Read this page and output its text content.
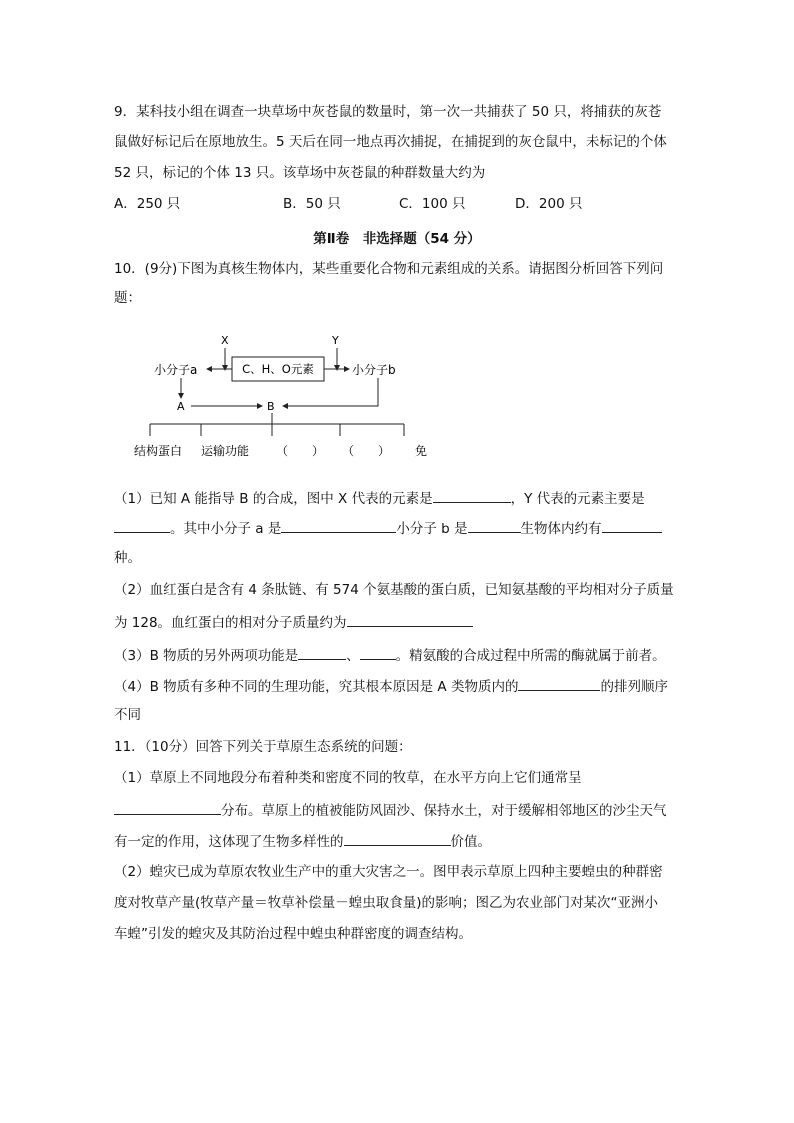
9．某科技小组在调查一块草场中灰苍鼠的数量时，第一次一共捕获了 50 只，将捕获的灰苍
鼠做好标记后在原地放生。5 天后在同一地点再次捕捉，在捕捉到的灰仓鼠中，未标记的个体
52 只，标记的个体 13 只。该草场中灰苍鼠的种群数量大约为
A．250 只	B．50 只	C．100 只	D．200 只
第Ⅱ卷　非选择题（54 分）
10．(9分)下图为真核生物体内，某些重要化合物和元素组成的关系。请据图分析回答下列问
题：
X	Y
C、H、O元素
小分子a	小分子b
A	B
结构蛋白 运输功能 （　　） （　　） 免
（1）已知 A 能指导 B 的合成，图中 X 代表的元素是	，Y 代表的元素主要是
。其中小分子 a 是	小分子 b 是	生物体内约有
种。
（2）血红蛋白是含有 4 条肽链、有 574 个氨基酸的蛋白质，已知氨基酸的平均相对分子质量
为 128。血红蛋白的相对分子质量约为
（3）B 物质的另外两项功能是	、	。精氨酸的合成过程中所需的酶就属于前者。
（4）B 物质有多种不同的生理功能，究其根本原因是 A 类物质内的	的排列顺序
不同
11．（10分）回答下列关于草原生态系统的问题：
（1）草原上不同地段分布着种类和密度不同的牧草，在水平方向上它们通常呈
分布。草原上的植被能防风固沙、保持水土，对于缓解相邻地区的沙尘天气
有一定的作用，这体现了生物多样性的	价值。
（2）蝗灾已成为草原农牧业生产中的重大灾害之一。图甲表示草原上四种主要蝗虫的种群密
度对牧草产量(牧草产量＝牧草补偿量－蝗虫取食量)的影响；图乙为农业部门对某次“亚洲小
车蝗”引发的蝗灾及其防治过程中蝗虫种群密度的调查结构。
